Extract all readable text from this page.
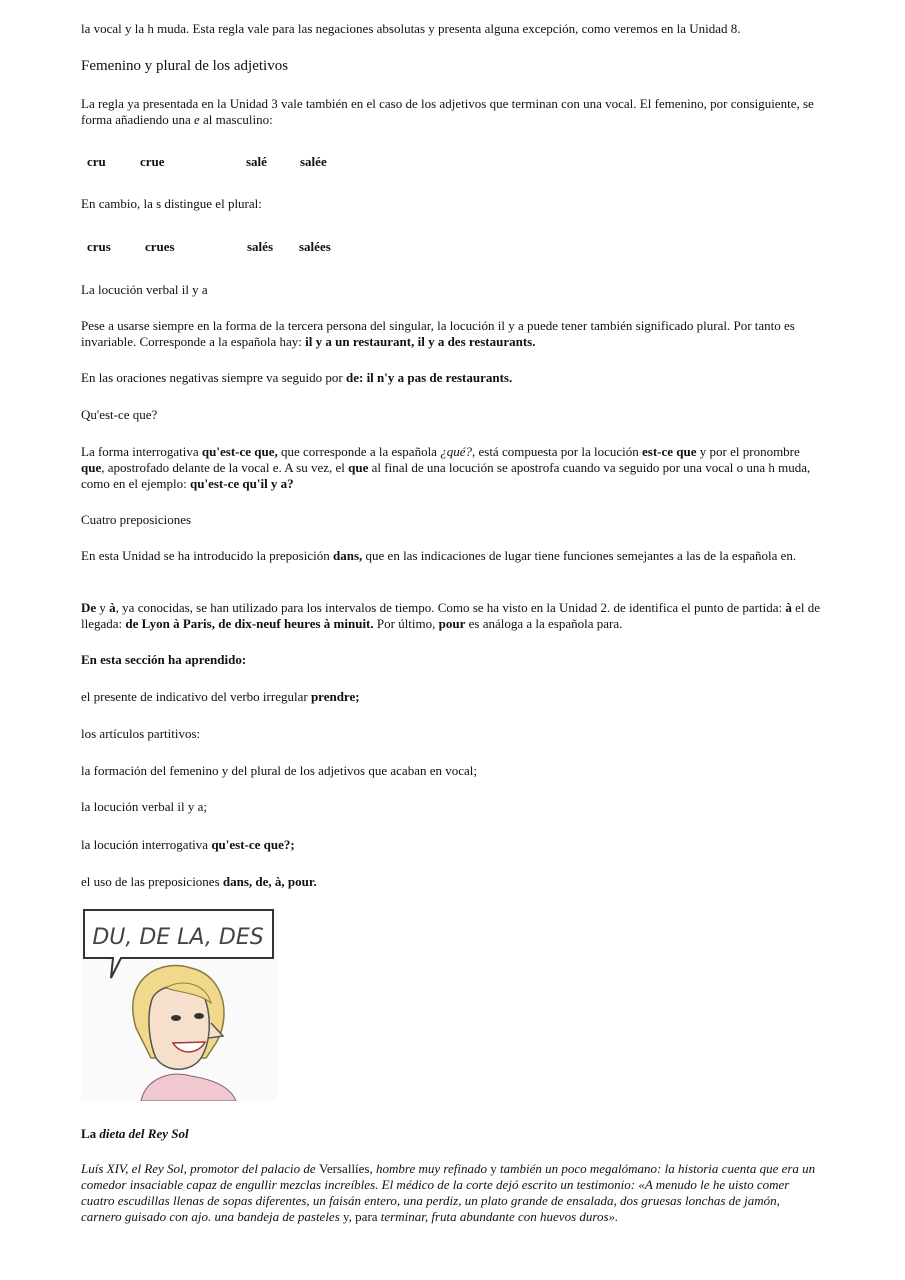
la vocal y la h muda. Esta regla vale para las negaciones absolutas y presenta alguna excepción, como veremos en la Unidad 8.
Femenino y plural de los adjetivos
La regla ya presentada en la Unidad 3 vale también en el caso de los adjetivos que terminan con una vocal. El femenino, por consiguiente, se forma añadiendo una e al masculino:
cru	crue	salé	salée
En cambio, la s distingue el plural:
crus	crues	salés salées
La locución verbal il y a
Pese a usarse siempre en la forma de la tercera persona del singular, la locución il y a puede tener también significado plural. Por tanto es invariable. Corresponde a la española hay: il y a un restaurant, il y a des restaurants.
En las oraciones negativas siempre va seguido por de: il n'y a pas de restaurants.
Qu'est-ce que?
La forma interrogativa qu'est-ce que, que corresponde a la española ¿qué?, está compuesta por la locución est-ce que y por el pronombre que, apostrofado delante de la vocal e. A su vez, el que al final de una locución se apostrofa cuando va seguido por una vocal o una h muda, como en el ejemplo: qu'est-ce qu'il y a?
Cuatro preposiciones
En esta Unidad se ha introducido la preposición dans, que en las indicaciones de lugar tiene funciones semejantes a las de la española en.
De y à, ya conocidas, se han utilizado para los intervalos de tiempo. Como se ha visto en la Unidad 2. de identifica el punto de partida: à el de llegada: de Lyon à Paris, de dix-neuf heures à minuit. Por último, pour es análoga a la española para.
En esta sección ha aprendido:
el presente de indicativo del verbo irregular prendre;
los artículos partitivos:
la formación del femenino y del plural de los adjetivos que acaban en vocal;
la locución verbal il y a;
la locución interrogativa qu'est-ce que?;
el uso de las preposiciones dans, de, à, pour.
DU, DE LA, DES
La dieta del Rey Sol
Luís XIV, el Rey Sol, promotor del palacio de Versallíes, hombre muy refinado y también un poco megalómano: la historia cuenta que era un comedor insaciable capaz de engullir mezclas increíbles. El médico de la corte dejó escrito un testimonio: «A menudo le he uisto comer cuatro escudillas llenas de sopas diferentes, un faisán entero, una perdiz, un plato grande de ensalada, dos gruesas lonchas de jamón, carnero guisado con ajo. una bandeja de pasteles y, para terminar, fruta abundante con huevos duros».
